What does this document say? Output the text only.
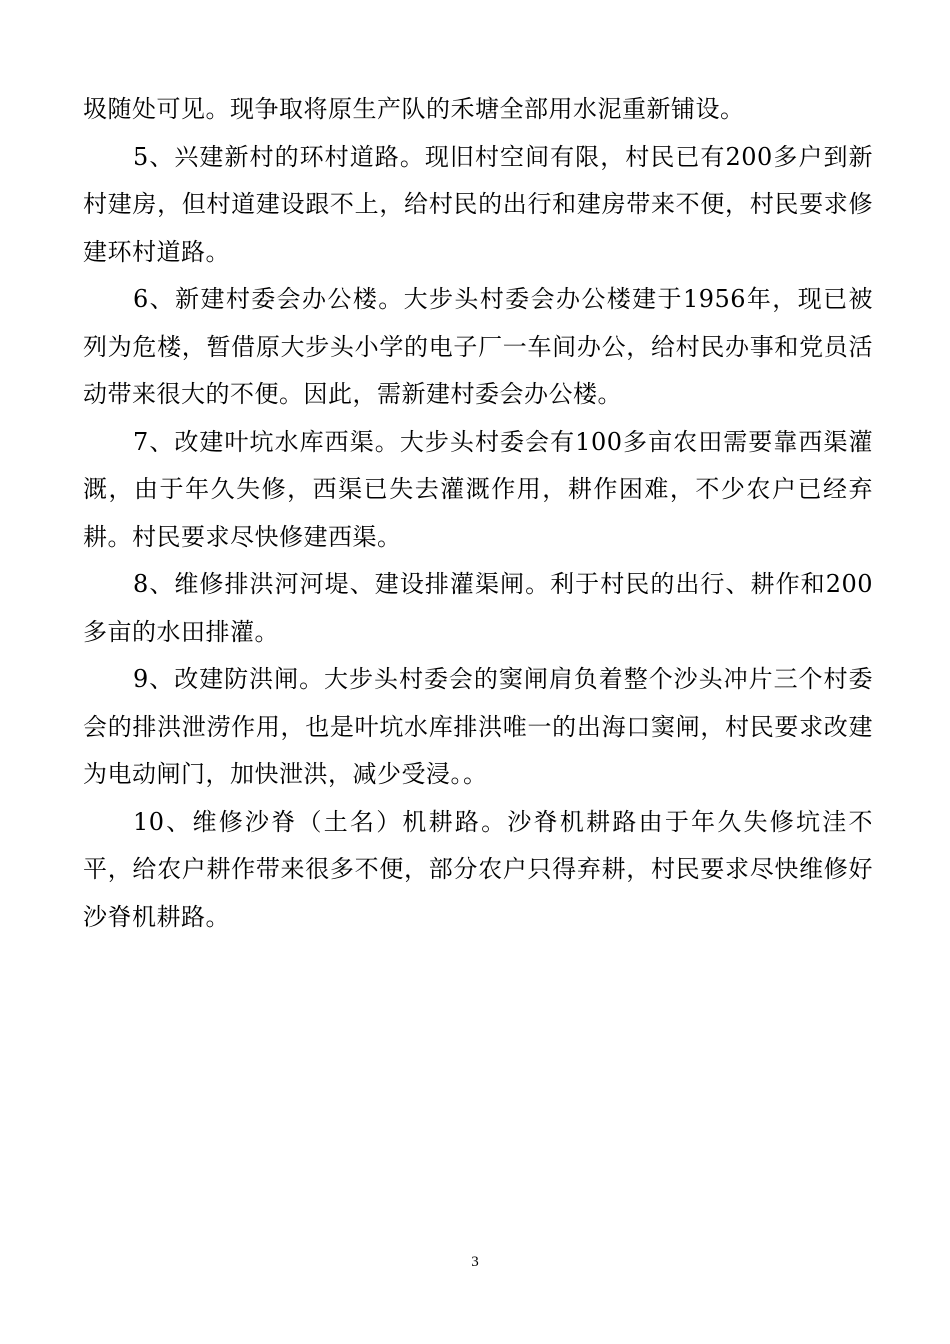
圾随处可见。现争取将原生产队的禾塘全部用水泥重新铺设。

5、兴建新村的环村道路。现旧村空间有限，村民已有200多户到新村建房，但村道建设跟不上，给村民的出行和建房带来不便，村民要求修建环村道路。

6、新建村委会办公楼。大步头村委会办公楼建于1956年，现已被列为危楼，暂借原大步头小学的电子厂一车间办公，给村民办事和党员活动带来很大的不便。因此，需新建村委会办公楼。

7、改建叶坑水库西渠。大步头村委会有100多亩农田需要靠西渠灌溉，由于年久失修，西渠已失去灌溉作用，耕作困难，不少农户已经弃耕。村民要求尽快修建西渠。

8、维修排洪河河堤、建设排灌渠闸。利于村民的出行、耕作和200多亩的水田排灌。

9、改建防洪闸。大步头村委会的窦闸肩负着整个沙头冲片三个村委会的排洪泄涝作用，也是叶坑水库排洪唯一的出海口窦闸，村民要求改建为电动闸门，加快泄洪，减少受浸。。

10、维修沙脊（土名）机耕路。沙脊机耕路由于年久失修坑洼不平，给农户耕作带来很多不便，部分农户只得弃耕，村民要求尽快维修好沙脊机耕路。

3
